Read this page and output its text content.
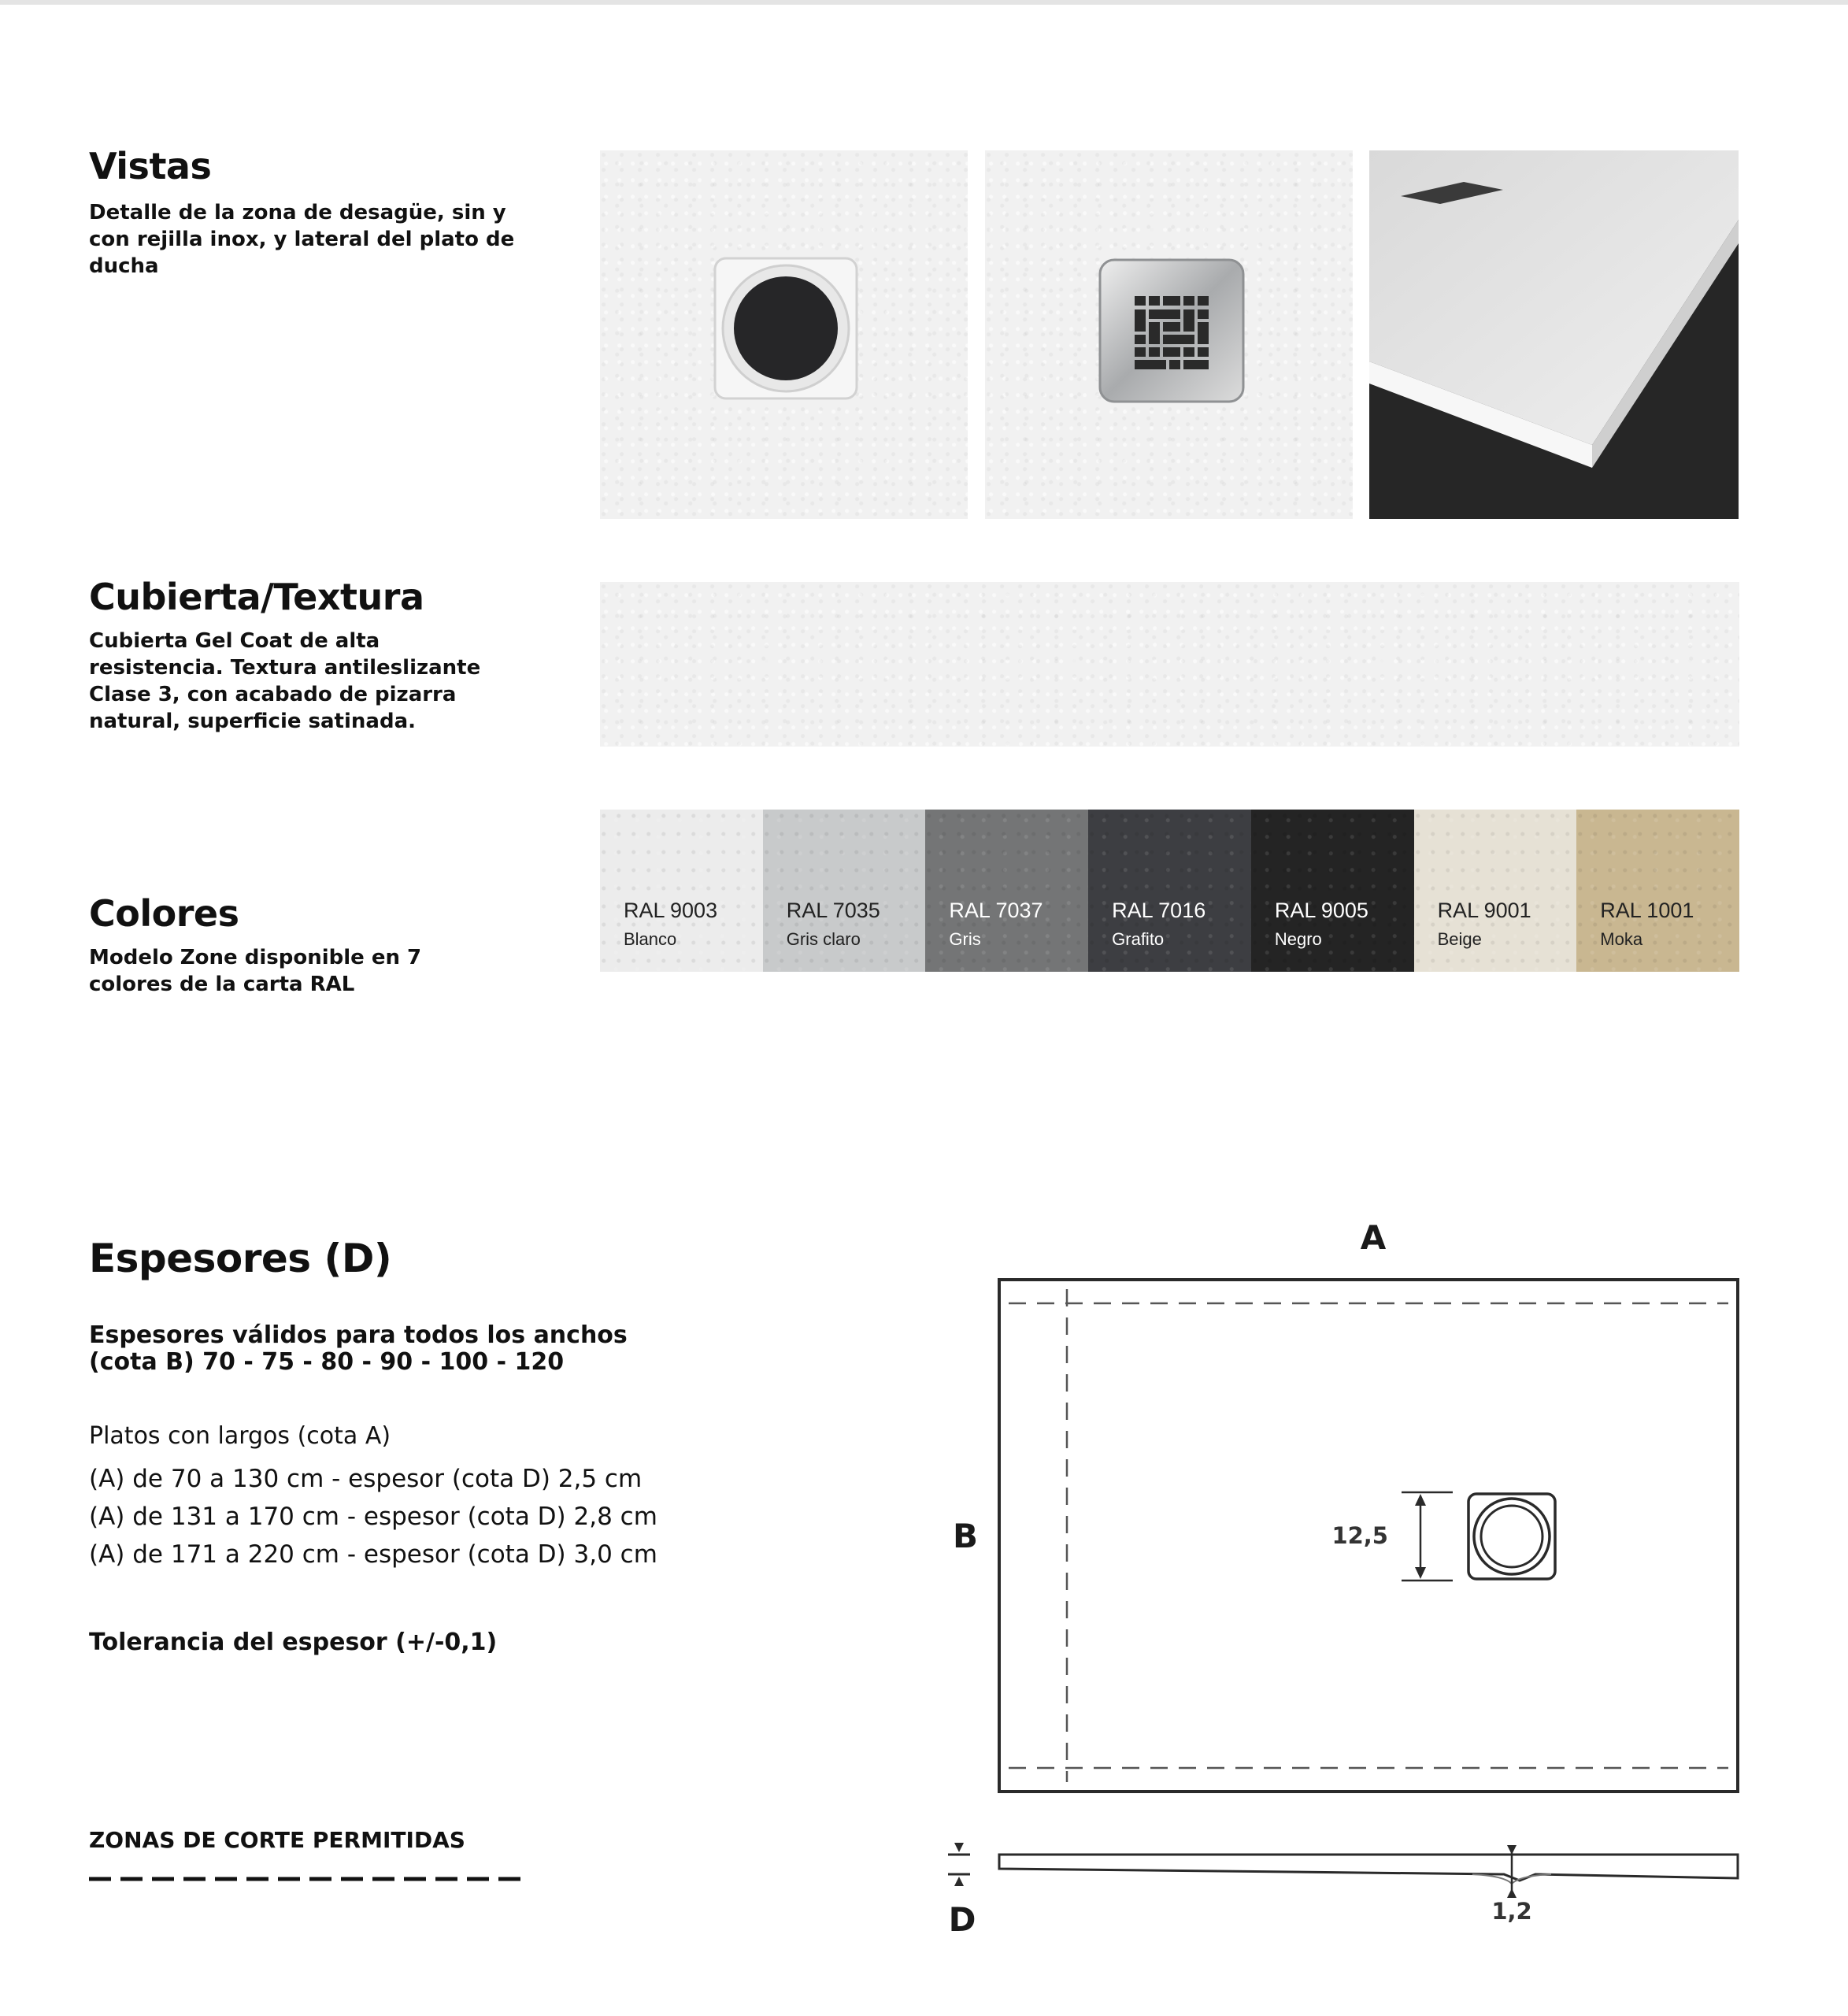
Vistas
Detalle de la zona de desagüe, sin y con rejilla inox, y lateral del plato de ducha
Cubierta/Textura
Cubierta Gel Coat de alta resistencia. Textura antileslizante Clase 3, con acabado de pizarra natural, superficie satinada.
Colores
Modelo Zone disponible en 7 colores de la carta RAL
RAL 9003
Blanco
RAL 7035
Gris claro
RAL 7037
Gris
RAL 7016
Grafito
RAL 9005
Negro
RAL 9001
Beige
RAL 1001
Moka
Espesores (D)
Espesores válidos para todos los anchos
(cota B) 70 - 75 - 80 - 90 - 100 - 120
Platos con largos (cota A)
(A) de 70 a 130 cm - espesor (cota D) 2,5 cm
(A) de 131 a 170 cm - espesor (cota D) 2,8 cm
(A) de 171 a 220 cm - espesor (cota D) 3,0 cm
Tolerancia del espesor (+/-0,1)
ZONAS DE CORTE PERMITIDAS
A
B
D
12,5
1,2
